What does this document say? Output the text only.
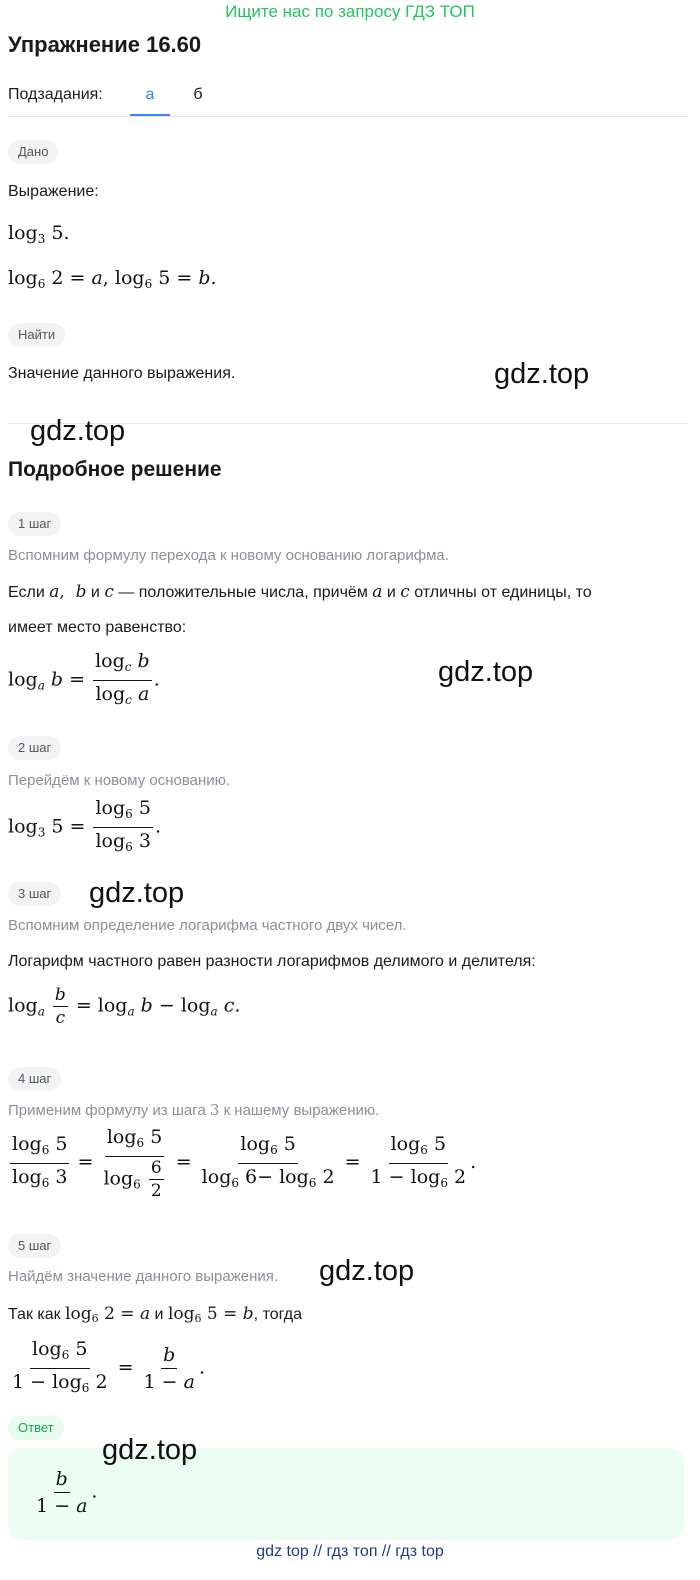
Ищите нас по запросу ГДЗ ТОП
Упражнение 16.60
Подзадания:	а	б
Дано
Выражение:
$\log_3 5$.
$\log_6 2 = a$, $\log_6 5 = b$.
Найти
Значение данного выражения.
Подробное решение
1 шаг
Вспомним формулу перехода к новому основанию логарифма.
Если a,  b и c — положительные числа, причём a и c отличны от единицы, то
имеет место равенство:
$\log_a b = \frac{\log_c b}{\log_c a}$ .
2 шаг
Перейдём к новому основанию.
$\log_3 5 = \frac{\log_6 5}{\log_6 3}$ .
3 шаг
Вспомним определение логарифма частного двух чисел.
Логарифм частного равен разности логарифмов делимого и делителя:
$\log_a \frac{b}{c} = \log_a b - \log_a c$.
4 шаг
Применим формулу из шага 3 к нашему выражению.
$\frac{\log_6 5}{\log_6 3} = \frac{\log_6 5}{\log_6 \frac{6}{2}} = \frac{\log_6 5}{\log_6 6- \log_6 2} = \frac{\log_6 5}{1 - \log_6 2}$ .
5 шаг
Найдём значение данного выражения.
Так как $\log_6 2 = a$ и $\log_6 5 = b$, тогда
$\frac{\log_6 5}{1 - \log_6 2} = \frac{b}{1 - a}$ .
Ответ
$\frac{b}{1 - a}$ .
gdz.top
gdz.top
gdz.top
gdz.top
gdz.top
gdz.top
gdz top // гдз топ // гдз top
